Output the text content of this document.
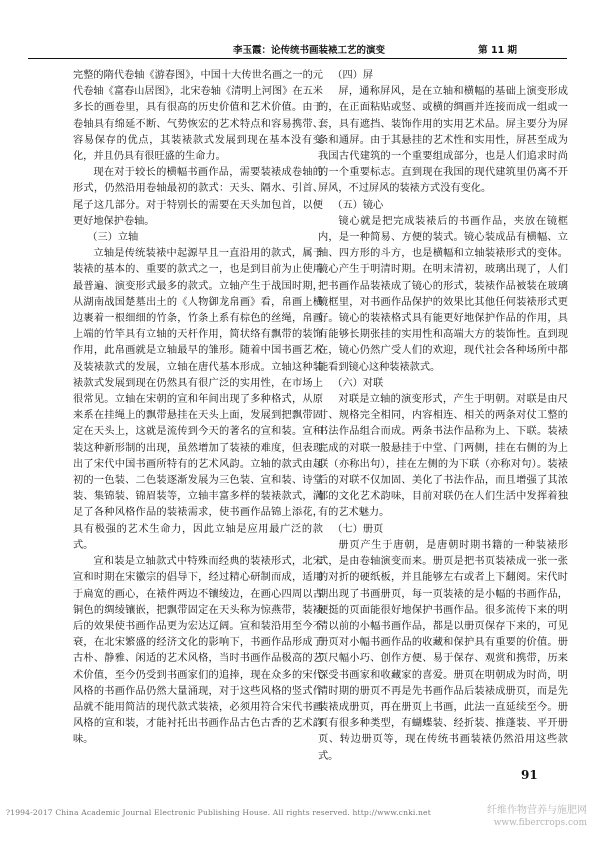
李玉霞：论传统书画装裱工艺的演变	第 11 期

完整的隋代卷轴《游春图》，中国十大传世名画之一的元代卷轴《富春山居图》，北宋卷轴《清明上河图》在五米多长的画卷里，具有很高的历史价值和艺术价值。由于卷轴具有绵延不断、气势恢宏的艺术特点和容易携带、容易保存的优点，其装裱款式发展到现在基本没有变化，并且仍具有很旺盛的生命力。

现在对于较长的横幅书画作品，需要装裱成卷轴的形式，仍然沿用卷轴最初的款式：天头、隔水、引首、尾子这几部分。对于特别长的需要在天头加包首，以便更好地保护卷轴。

（三）立轴

立轴是传统装裱中起源早且一直沿用的款式，属于装裱的基本的、重要的款式之一，也是到目前为止使用最普遍、演变形式最多的款式。立轴产生于战国时期，从湖南战国楚墓出土的《人物御龙帛画》看，帛画上横边裹着一根细细的竹条，竹条上系有棕色的丝绳，帛画上端的竹竿具有立轴的天杆作用，简状络有飘带的装饰作用，此帛画就是立轴最早的雏形。随着中国书画艺术及装裱款式的发展，立轴在唐代基本形成。立轴这种装裱款式发展到现在仍然具有很广泛的实用性，在市场上很常见。立轴在宋朝的宣和年间出现了多种格式，从原来系在挂绳上的飘带悬挂在天头上面，发展到把飘带固定在天头上，这就是流传到今天的著名的宣和装。宣和装这种新形制的出现，虽然增加了装裱的难度，但表现出了宋代中国书画所特有的艺术风韵。立轴的款式由起初的一色装、二色装逐渐发展为三色装、宣和装、诗堂装、集锦装、锦眉装等，立轴丰富多样的装裱款式，满足了各种风格作品的装裱需求，使书画作品锦上添花，具有极强的艺术生命力，因此立轴是应用最广泛的款式。

宣和装是立轴款式中特殊而经典的装裱形式，北宋宣和时期在宋徽宗的倡导下，经过精心研制而成，适用于扁宽的画心，在裱件两边不镶绫边，在画心四周以古铜色的绸绫镶嵌，把飘带固定在天头称为惊燕带，装裱后的效果使书画作品更为宏达辽阔。宣和装沿用至今不衰，在北宋繁盛的经济文化的影响下，书画作品形成了古朴、静雅、闲适的艺术风格，当时书画作品极高的艺术价值，至今仍受到书画家们的追捧，现在众多的宋代风格的书画作品仍然大量涌现，对于这些风格的竖式作品就不能用简洁的现代款式装裱，必须用符合宋代书画风格的宣和装，才能衬托出书画作品古色古香的艺术韵味。

（四）屏

屏，通称屏风，是在立轴和横幅的基础上演变形成的，在正面粘贴或竖、或横的绸画并连接而成一组或一套，具有遮挡、装饰作用的实用艺术品。屏主要分为屏条和通屏。由于其悬挂的艺术性和实用性，屏甚至成为我国古代建筑的一个重要组成部分，也是人们追求时尚的一个重要标志。直到现在我国的现代建筑里仍离不开屏风，不过屏风的装裱方式没有变化。

（五）镜心

镜心就是把完成装裱后的书画作品，夹放在镜框内，是一种简易、方便的装式。镜心装成品有横幅、立轴、四方形的斗方，也是横幅和立轴装裱形式的变体。镜心产生于明清时期。在明末清初，玻璃出现了，人们把书画作品装裱成了镜心的形式，装裱作品被装在玻璃镜框里，对书画作品保护的效果比其他任何装裱形式更好。镜心的装裱格式具有能更好地保护作品的作用，具有能够长期张挂的实用性和高端大方的装饰性。直到现在，镜心仍然广受人们的欢迎，现代社会各种场所中都能看到镜心这种装裱款式。

（六）对联

对联是立轴的演变形式，产生于明朝。对联是由尺寸、规格完全相同，内容相连、相关的两条对仗工整的书法作品组合而成。两条书法作品称为上、下联。装裱完成的对联一般悬挂于中堂、门两侧，挂在右侧的为上联（亦称出句），挂在左侧的为下联（亦称对句）。装裱后的对联不仅加固、美化了书法作品，而且增强了其浓郁的文化艺术韵味，目前对联仍在人们生活中发挥着独有的艺术魅力。

（七）册页

册页产生于唐朝，是唐朝时期书籍的一种装裱形式，是由卷轴演变而来。册页是把书页装裱成一张一张的对折的硬纸板，并且能够左右或者上下翻阅。宋代时期出现了书画册页，每一页装裱的是小幅的书画作品，硬挺的页面能很好地保护书画作品。很多流传下来的明清以前的小幅书画作品，都是以册页保存下来的，可见册页对小幅书画作品的收藏和保护具有重要的价值。册页尺幅小巧、创作方便、易于保存、观赏和携带，历来深受书画家和收藏家的喜爱。册页在明朝成为时尚，明清时期的册页不再是先书画作品后装裱成册页，而是先装裱成册页，再在册页上书画，此法一直延续至今。册页有很多种类型，有蝴蝶装、经折装、推蓬装、平开册页、转边册页等，现在传统书画装裱仍然沿用这些款式。

91
?1994-2017 China Academic Journal Electronic Publishing House. All rights reserved. http://www.cnki.net	纤维作物营养与施肥网
www.fibercrops.com
